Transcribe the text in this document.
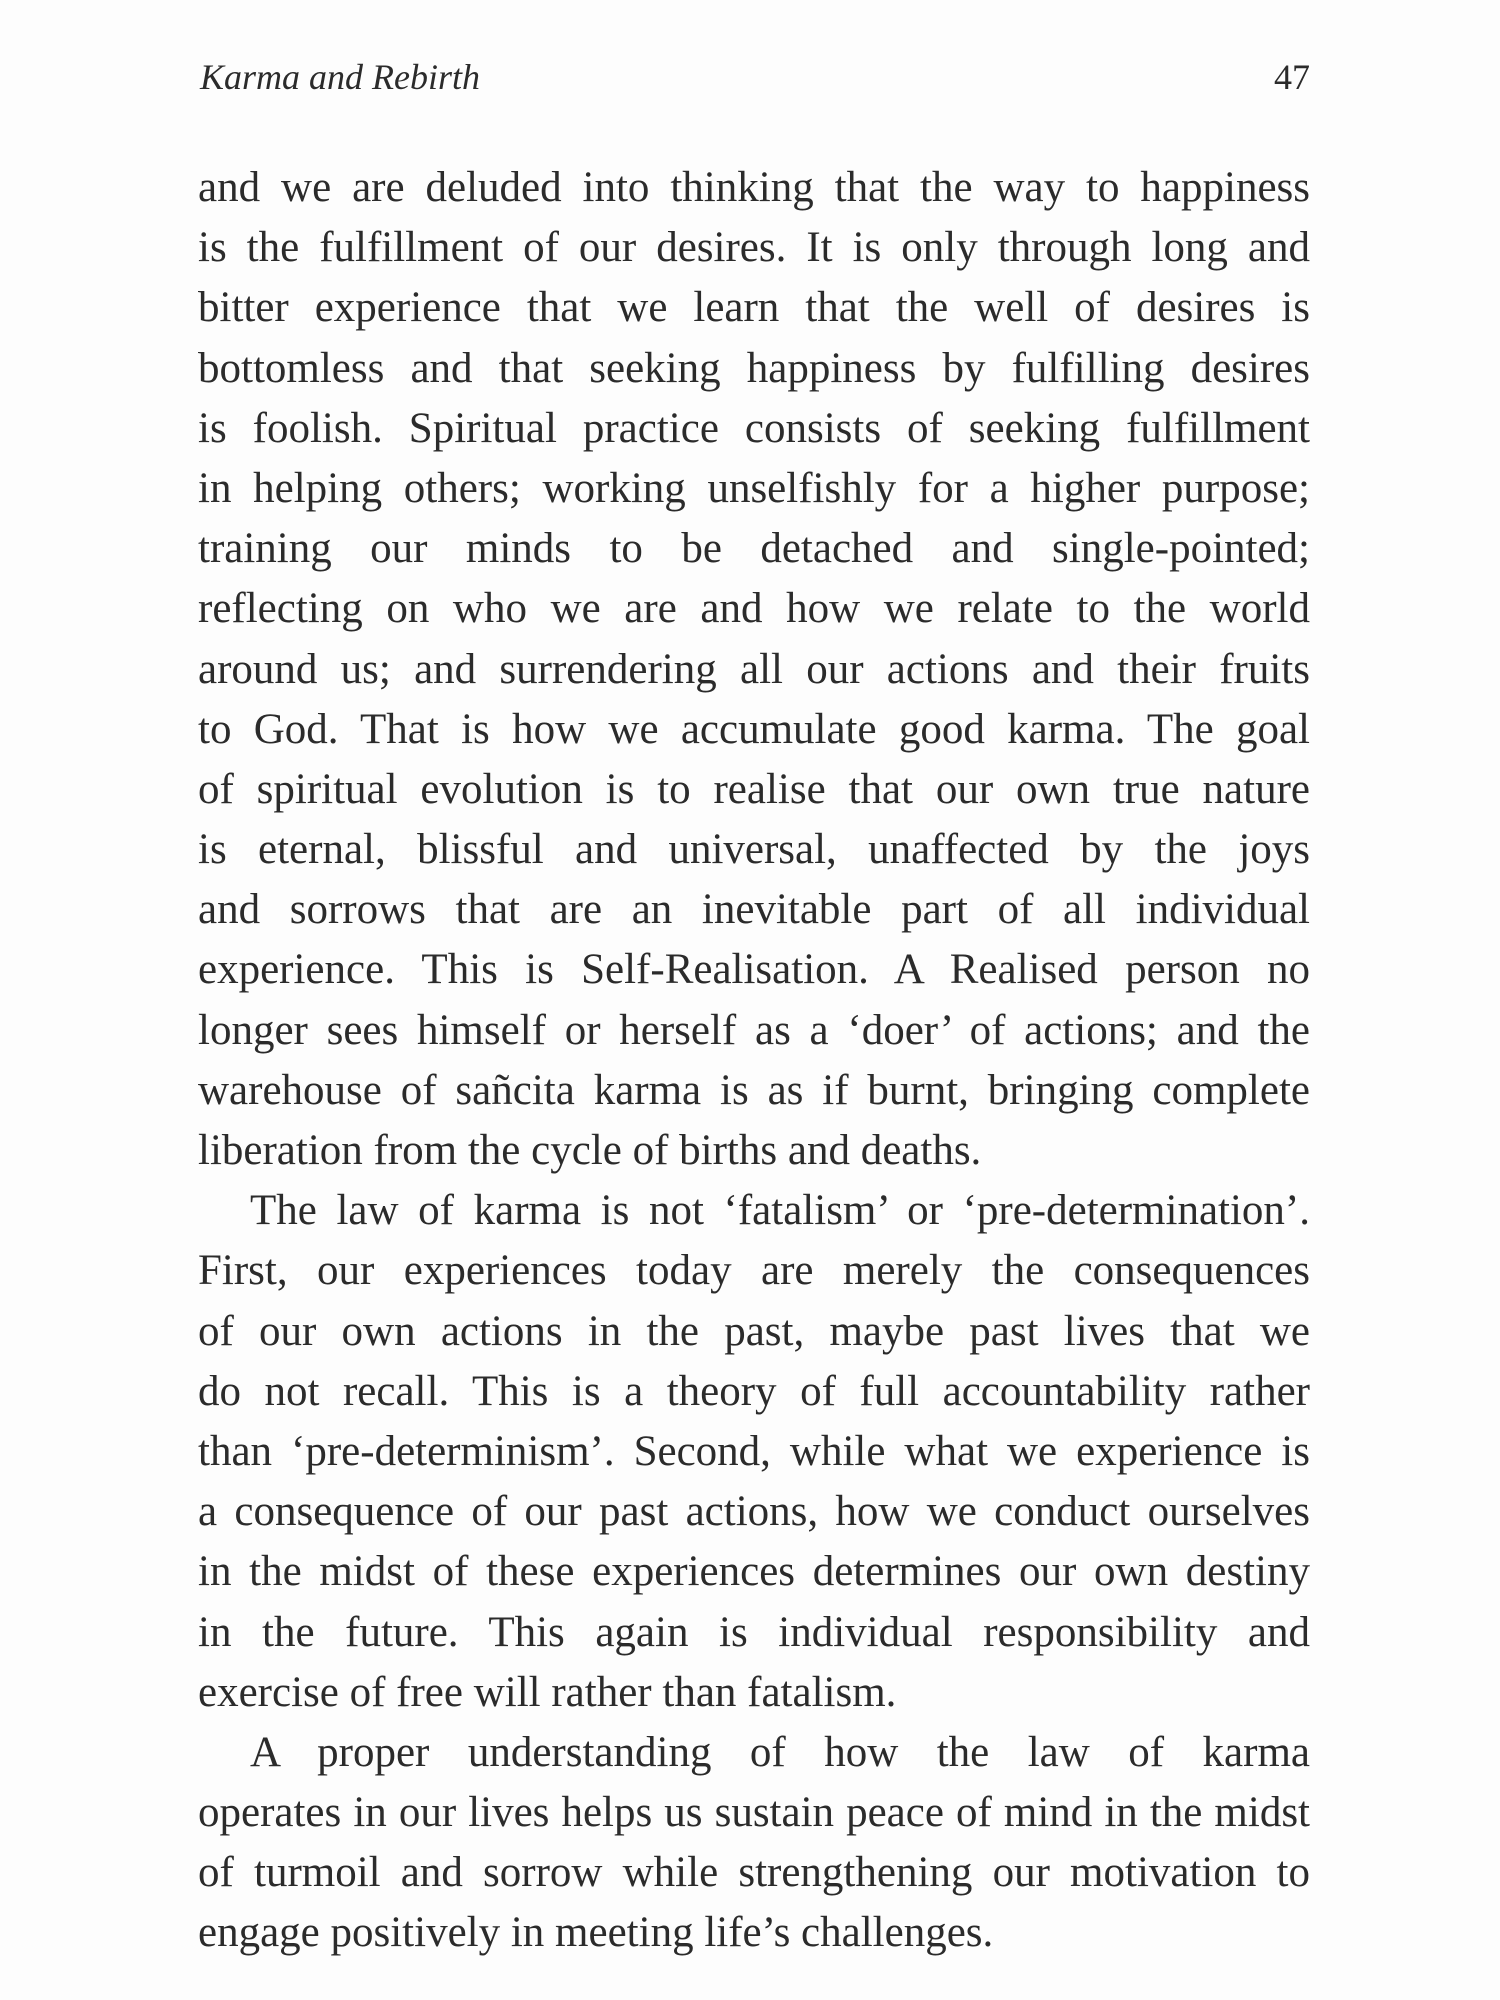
Karma and Rebirth	47
and we are deluded into thinking that the way to happiness
is the fulfillment of our desires. It is only through long and
bitter experience that we learn that the well of desires is
bottomless and that seeking happiness by fulfilling desires
is foolish. Spiritual practice consists of seeking fulfillment
in helping others; working unselfishly for a higher purpose;
training our minds to be detached and single-pointed;
reflecting on who we are and how we relate to the world
around us; and surrendering all our actions and their fruits
to God. That is how we accumulate good karma. The goal
of spiritual evolution is to realise that our own true nature
is eternal, blissful and universal, unaffected by the joys
and sorrows that are an inevitable part of all individual
experience. This is Self-Realisation. A Realised person no
longer sees himself or herself as a ‘doer’ of actions; and the
warehouse of sañcita karma is as if burnt, bringing complete
liberation from the cycle of births and deaths.
The law of karma is not ‘fatalism’ or ‘pre-determination’.
First, our experiences today are merely the consequences
of our own actions in the past, maybe past lives that we
do not recall. This is a theory of full accountability rather
than ‘pre-determinism’. Second, while what we experience is
a consequence of our past actions, how we conduct ourselves
in the midst of these experiences determines our own destiny
in the future. This again is individual responsibility and
exercise of free will rather than fatalism.
A proper understanding of how the law of karma
operates in our lives helps us sustain peace of mind in the midst
of turmoil and sorrow while strengthening our motivation to
engage positively in meeting life’s challenges.
